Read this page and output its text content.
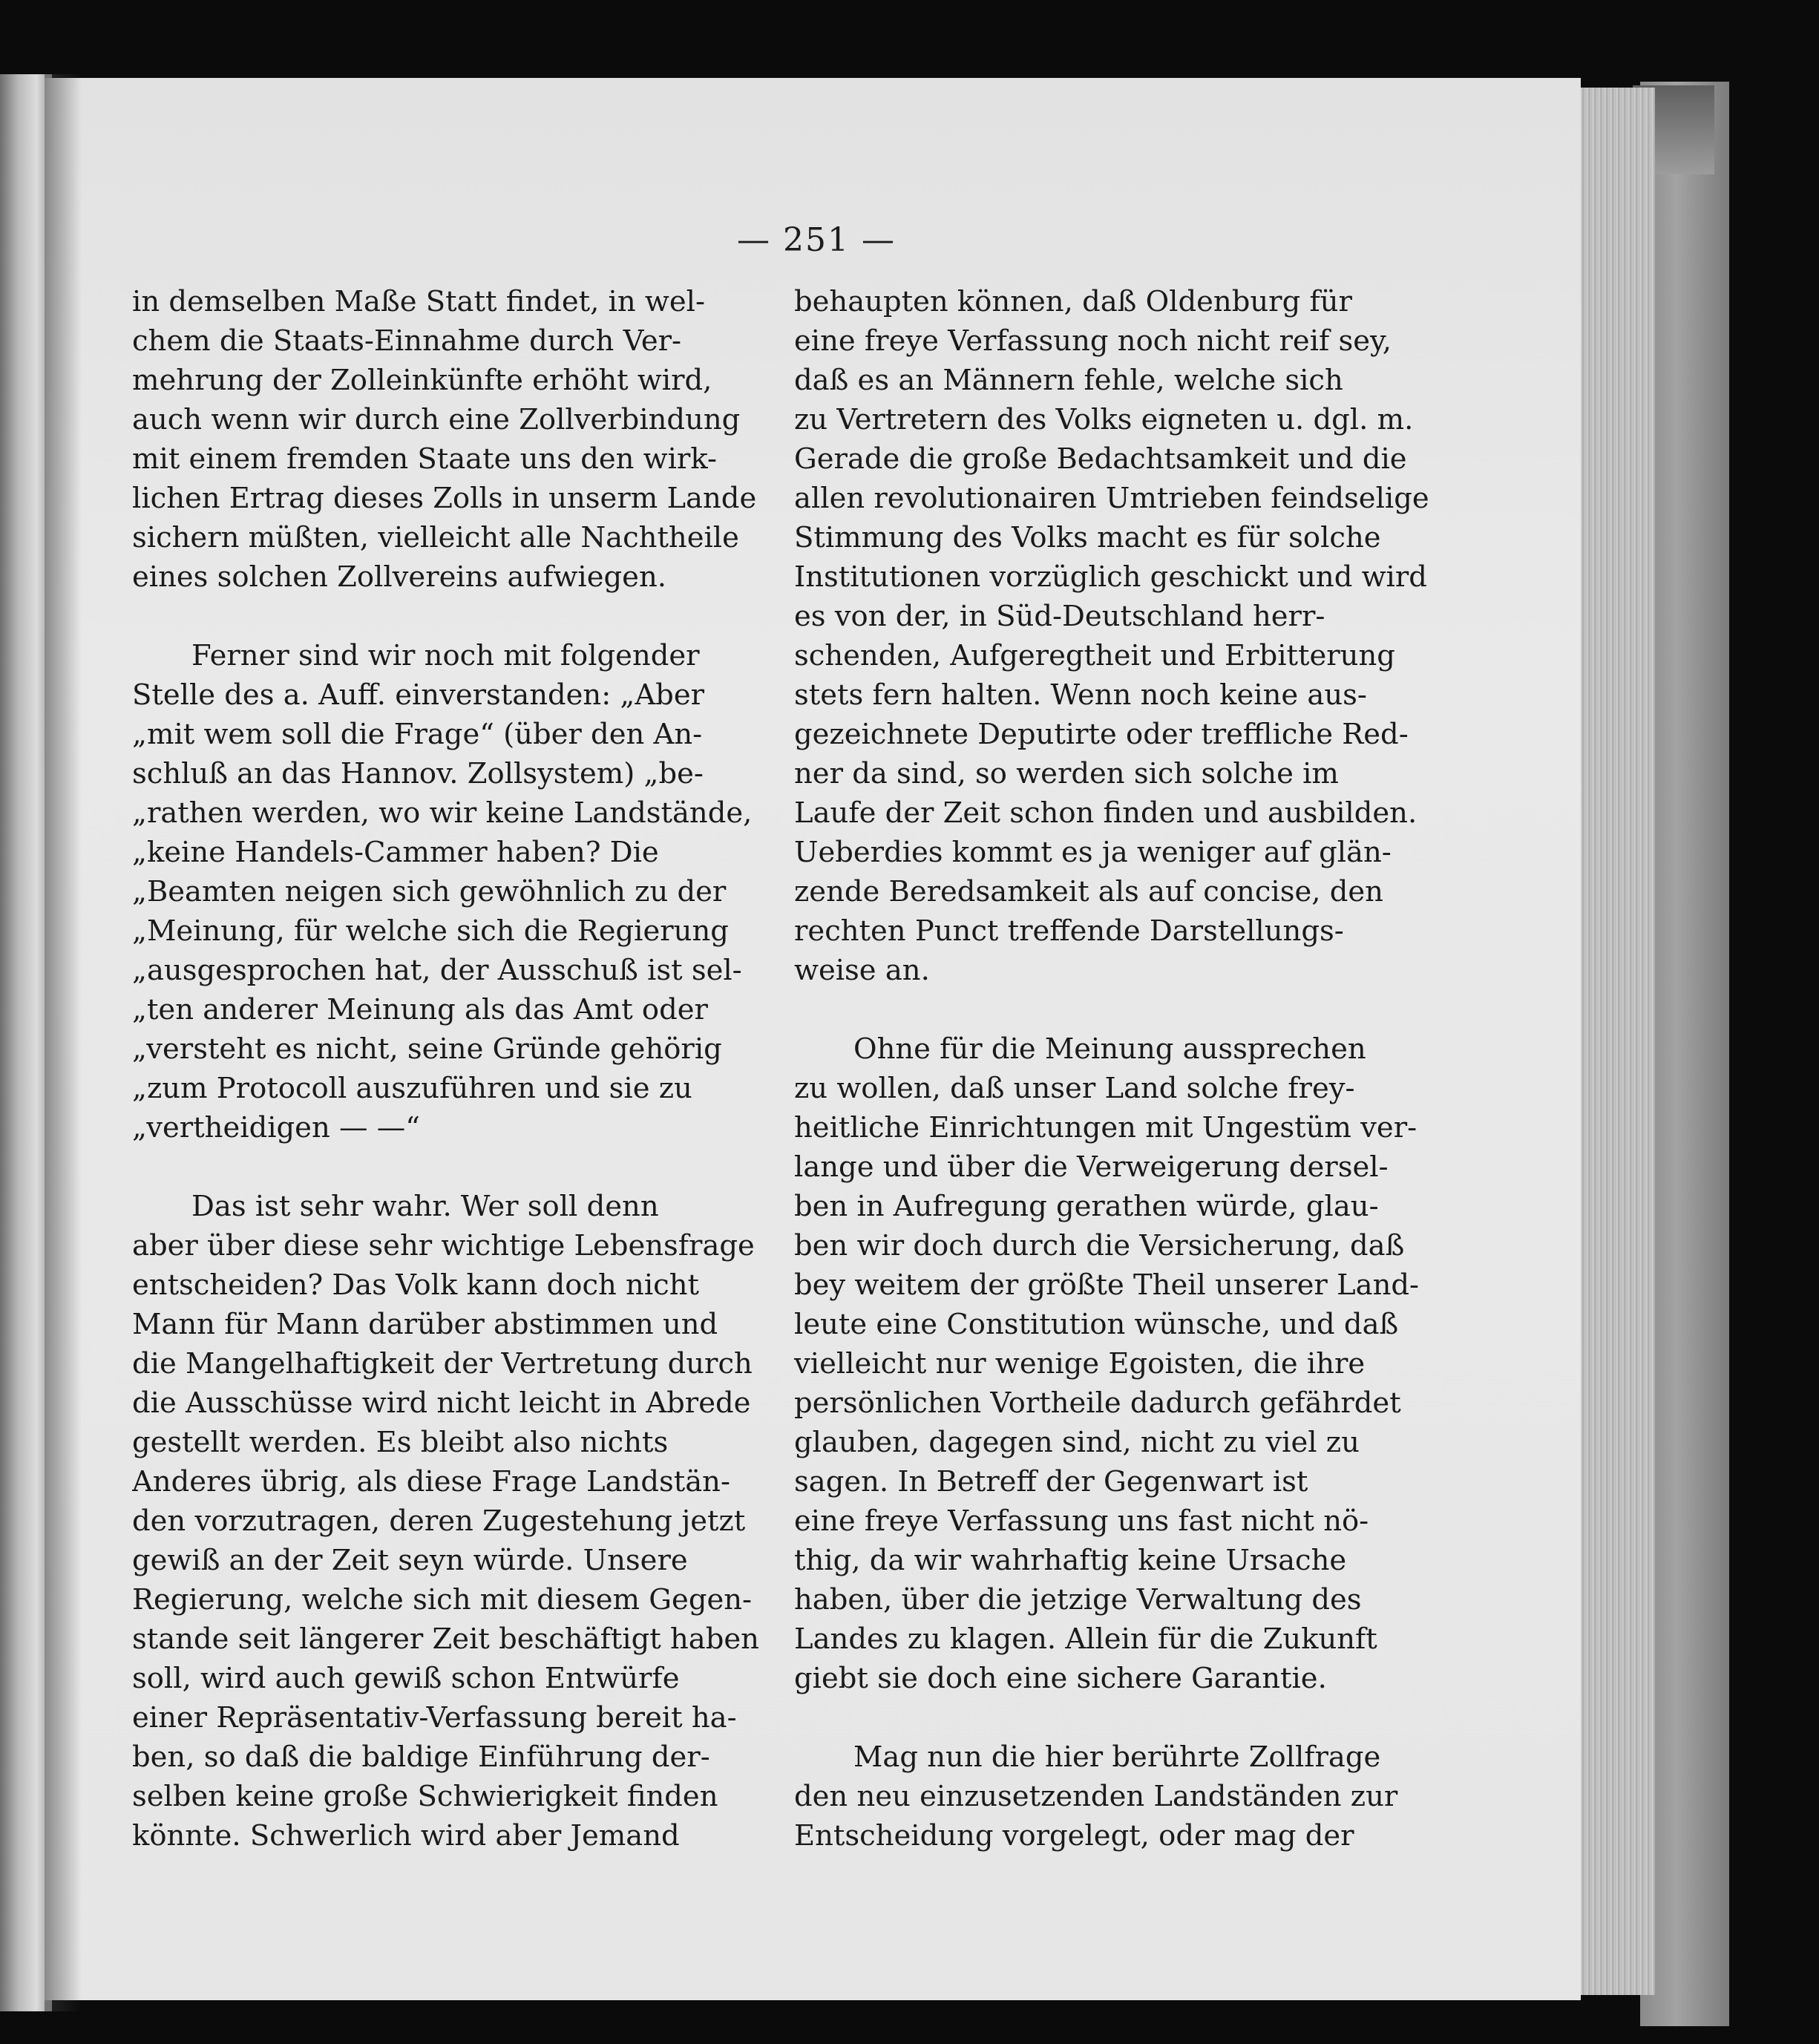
— 251 —
in demselben Maße Statt findet, in wel-
chem die Staats-Einnahme durch Ver-
mehrung der Zolleinkünfte erhöht wird,
auch wenn wir durch eine Zollverbindung
mit einem fremden Staate uns den wirk-
lichen Ertrag dieses Zolls in unserm Lande
sichern müßten, vielleicht alle Nachtheile
eines solchen Zollvereins aufwiegen.
Ferner sind wir noch mit folgender
Stelle des a. Auff. einverstanden: „Aber
„mit wem soll die Frage“ (über den An-
schluß an das Hannov. Zollsystem) „be-
„rathen werden, wo wir keine Landstände,
„keine Handels-Cammer haben? Die
„Beamten neigen sich gewöhnlich zu der
„Meinung, für welche sich die Regierung
„ausgesprochen hat, der Ausschuß ist sel-
„ten anderer Meinung als das Amt oder
„versteht es nicht, seine Gründe gehörig
„zum Protocoll auszuführen und sie zu
„vertheidigen — —“
Das ist sehr wahr. Wer soll denn
aber über diese sehr wichtige Lebensfrage
entscheiden? Das Volk kann doch nicht
Mann für Mann darüber abstimmen und
die Mangelhaftigkeit der Vertretung durch
die Ausschüsse wird nicht leicht in Abrede
gestellt werden. Es bleibt also nichts
Anderes übrig, als diese Frage Landstän-
den vorzutragen, deren Zugestehung jetzt
gewiß an der Zeit seyn würde. Unsere
Regierung, welche sich mit diesem Gegen-
stande seit längerer Zeit beschäftigt haben
soll, wird auch gewiß schon Entwürfe
einer Repräsentativ-Verfassung bereit ha-
ben, so daß die baldige Einführung der-
selben keine große Schwierigkeit finden
könnte. Schwerlich wird aber Jemand
behaupten können, daß Oldenburg für
eine freye Verfassung noch nicht reif sey,
daß es an Männern fehle, welche sich
zu Vertretern des Volks eigneten u. dgl. m.
Gerade die große Bedachtsamkeit und die
allen revolutionairen Umtrieben feindselige
Stimmung des Volks macht es für solche
Institutionen vorzüglich geschickt und wird
es von der, in Süd-Deutschland herr-
schenden, Aufgeregtheit und Erbitterung
stets fern halten. Wenn noch keine aus-
gezeichnete Deputirte oder treffliche Red-
ner da sind, so werden sich solche im
Laufe der Zeit schon finden und ausbilden.
Ueberdies kommt es ja weniger auf glän-
zende Beredsamkeit als auf concise, den
rechten Punct treffende Darstellungs-
weise an.
Ohne für die Meinung aussprechen
zu wollen, daß unser Land solche frey-
heitliche Einrichtungen mit Ungestüm ver-
lange und über die Verweigerung dersel-
ben in Aufregung gerathen würde, glau-
ben wir doch durch die Versicherung, daß
bey weitem der größte Theil unserer Land-
leute eine Constitution wünsche, und daß
vielleicht nur wenige Egoisten, die ihre
persönlichen Vortheile dadurch gefährdet
glauben, dagegen sind, nicht zu viel zu
sagen. In Betreff der Gegenwart ist
eine freye Verfassung uns fast nicht nö-
thig, da wir wahrhaftig keine Ursache
haben, über die jetzige Verwaltung des
Landes zu klagen. Allein für die Zukunft
giebt sie doch eine sichere Garantie.
Mag nun die hier berührte Zollfrage
den neu einzusetzenden Landständen zur
Entscheidung vorgelegt, oder mag der
